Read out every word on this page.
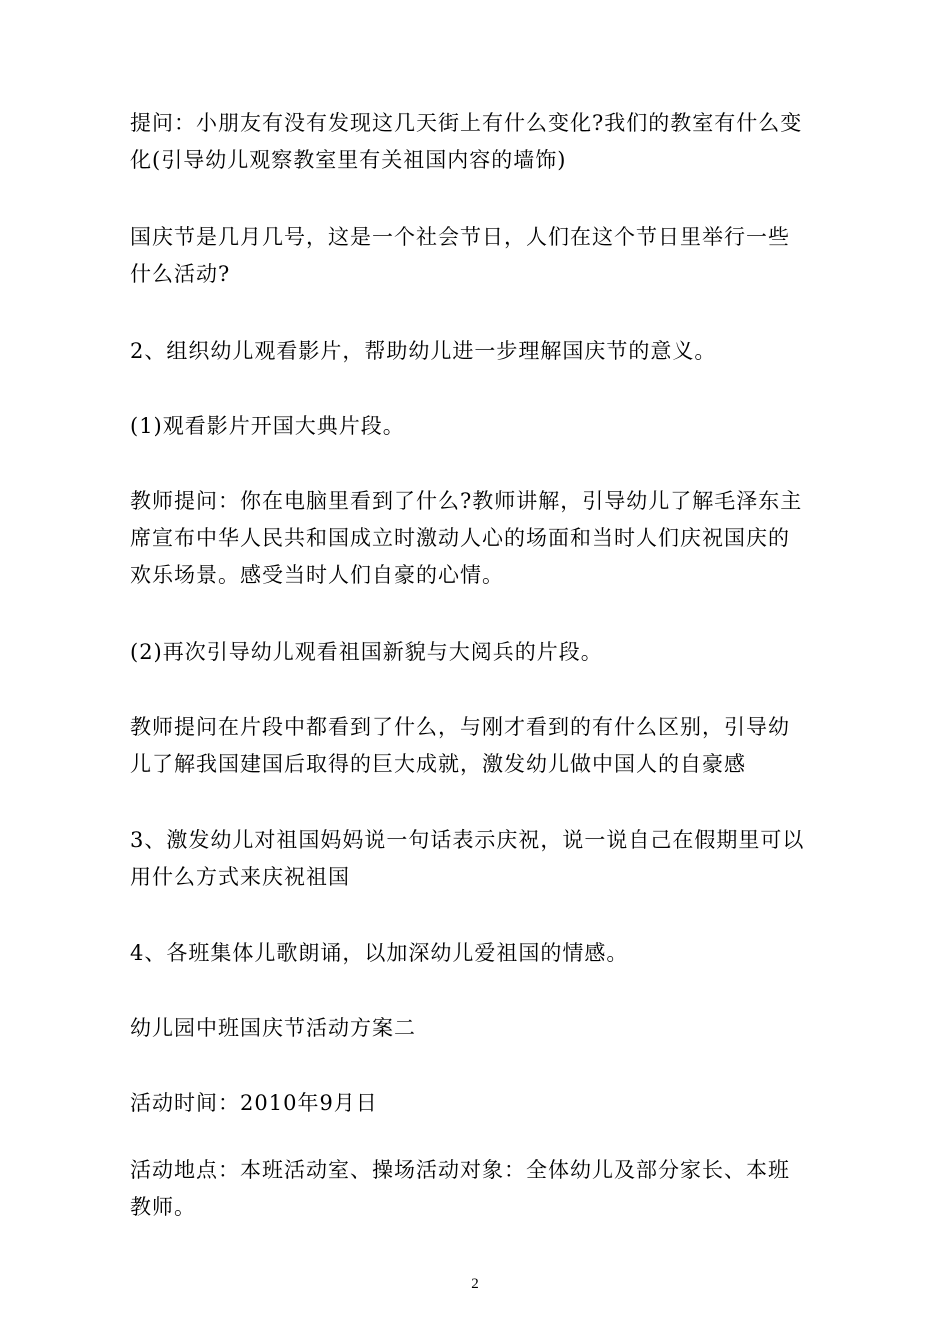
提问：小朋友有没有发现这几天街上有什么变化?我们的教室有什么变
化(引导幼儿观察教室里有关祖国内容的墙饰)

国庆节是几月几号，这是一个社会节日，人们在这个节日里举行一些
什么活动?

2、组织幼儿观看影片，帮助幼儿进一步理解国庆节的意义。

(1)观看影片开国大典片段。

教师提问：你在电脑里看到了什么?教师讲解，引导幼儿了解毛泽东主
席宣布中华人民共和国成立时激动人心的场面和当时人们庆祝国庆的
欢乐场景。感受当时人们自豪的心情。

(2)再次引导幼儿观看祖国新貌与大阅兵的片段。

教师提问在片段中都看到了什么，与刚才看到的有什么区别，引导幼
儿了解我国建国后取得的巨大成就，激发幼儿做中国人的自豪感

3、激发幼儿对祖国妈妈说一句话表示庆祝，说一说自己在假期里可以
用什么方式来庆祝祖国

4、各班集体儿歌朗诵，以加深幼儿爱祖国的情感。

幼儿园中班国庆节活动方案二

活动时间：2010年9月日

活动地点：本班活动室、操场活动对象：全体幼儿及部分家长、本班
教师。

2
